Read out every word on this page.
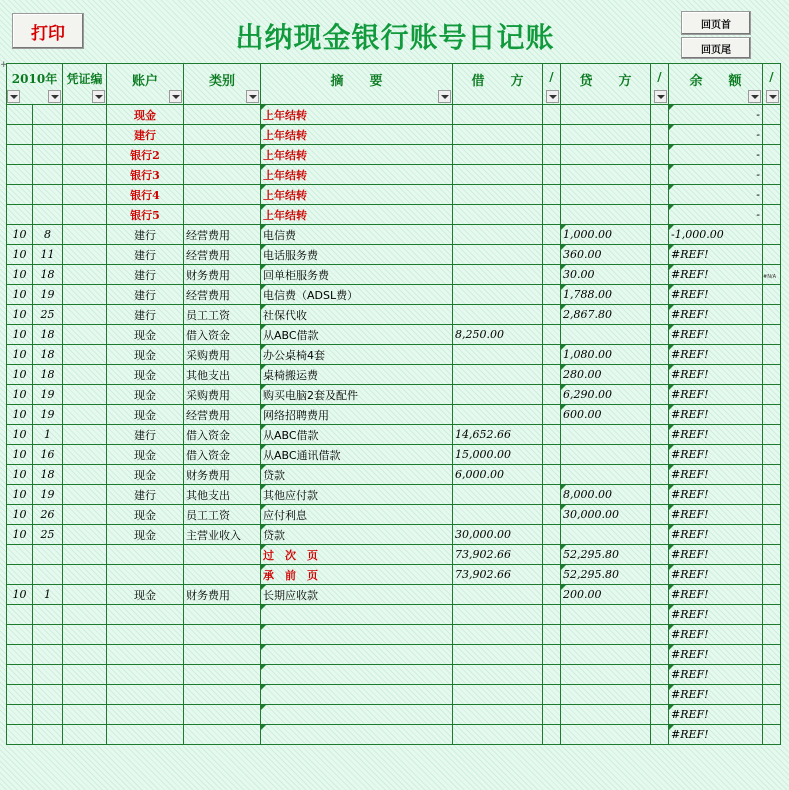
+
打印	出纳现金银行账号日记账	回页首
回页尾
2010年		凭证编	账户	类别	摘　　要	借　　方	/	贷　　方	/	余　　额	/

			现金		上年结转					-	
			建行		上年结转					-	
			银行2		上年结转					-	
			银行3		上年结转					-	
			银行4		上年结转					-	
			银行5		上年结转					-	
10	8		建行	经营费用	电信费			1,000.00		-1,000.00	
10	11		建行	经营费用	电话服务费			360.00		#REF!	
10	18		建行	财务费用	回单柜服务费			30.00		#REF!	
10	19		建行	经营费用	电信费（ADSL费）			1,788.00		#REF!	
10	25		建行	员工工资	社保代收			2,867.80		#REF!	
10	18		现金	借入资金	从ABC借款	8,250.00				#REF!	
10	18		现金	采购费用	办公桌椅4套			1,080.00		#REF!	
10	18		现金	其他支出	桌椅搬运费			280.00		#REF!	
10	19		现金	采购费用	购买电脑2套及配件			6,290.00		#REF!	
10	19		现金	经营费用	网络招聘费用			600.00		#REF!	
10	1		建行	借入资金	从ABC借款	14,652.66				#REF!	
10	16		现金	借入资金	从ABC通讯借款	15,000.00				#REF!	
10	18		现金	财务费用	贷款	6,000.00				#REF!	
10	19		建行	其他支出	其他应付款			8,000.00		#REF!	
10	26		现金	员工工资	应付利息			30,000.00		#REF!	
10	25		现金	主营业收入	贷款	30,000.00				#REF!	
					过　次　页	73,902.66		52,295.80		#REF!	
					承　前　页	73,902.66		52,295.80		#REF!	
10	1		现金	财务费用	长期应收款			200.00		#REF!	
										#REF!	
										#REF!	
										#REF!	
										#REF!	
										#REF!	
										#REF!	
										#REF!	
#N/A
